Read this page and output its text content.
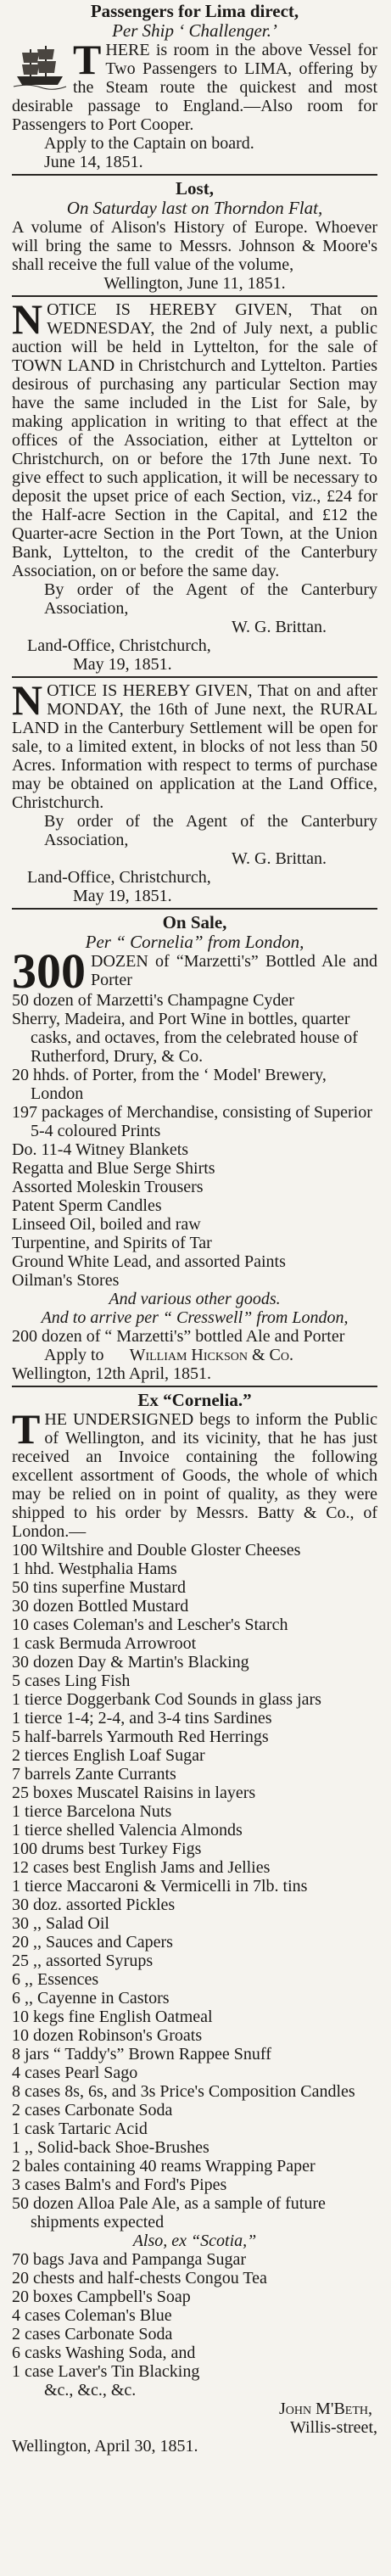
Passengers for Lima direct,
Per Ship ‘ Challenger.’

THERE is room in the above Vessel for Two Passengers to LIMA, offering by the Steam route the quickest and most desirable passage to England.—Also room for Passengers to Port Cooper.

Apply to the Captain on board.

June 14, 1851.

Lost,
On Saturday last on Thorndon Flat,

A volume of Alison's History of Europe. Whoever will bring the same to Messrs. Johnson & Moore's shall receive the full value of the volume,

Wellington, June 11, 1851.

NOTICE IS HEREBY GIVEN, That on WEDNESDAY, the 2nd of July next, a public auction will be held in Lyttelton, for the sale of TOWN LAND in Christchurch and Lyttelton. Parties desirous of purchasing any particular Section may have the same included in the List for Sale, by making application in writing to that effect at the offices of the Association, either at Lyttelton or Christchurch, on or before the 17th June next. To give effect to such application, it will be necessary to deposit the upset price of each Section, viz., £24 for the Half-acre Section in the Capital, and £12 the Quarter-acre Section in the Port Town, at the Union Bank, Lyttelton, to the credit of the Canterbury Association, on or before the same day.

By order of the Agent of the Canterbury Association,

W. G. Brittan.

Land-Office, Christchurch,

May 19, 1851.

NOTICE IS HEREBY GIVEN, That on and after MONDAY, the 16th of June next, the RURAL LAND in the Canterbury Settlement will be open for sale, to a limited extent, in blocks of not less than 50 Acres. Information with respect to terms of purchase may be obtained on application at the Land Office, Christchurch.

By order of the Agent of the Canterbury Association,

W. G. Brittan.

Land-Office, Christchurch,

May 19, 1851.

On Sale,
Per “ Cornelia” from London,

300 DOZEN of “Marzetti's” Bottled Ale and Porter

50 dozen of Marzetti's Champagne Cyder

Sherry, Madeira, and Port Wine in bottles, quarter casks, and octaves, from the celebrated house of Rutherford, Drury, & Co.

20 hhds. of Porter, from the ‘ Model' Brewery, London

197 packages of Merchandise, consisting of Superior 5-4 coloured Prints

Do. 11-4 Witney Blankets

Regatta and Blue Serge Shirts

Assorted Moleskin Trousers

Patent Sperm Candles

Linseed Oil, boiled and raw

Turpentine, and Spirits of Tar

Ground White Lead, and assorted Paints

Oilman's Stores

And various other goods.

And to arrive per “ Cresswell” from London,

200 dozen of “ Marzetti's” bottled Ale and Porter

Apply to William Hickson & Co.

Wellington, 12th April, 1851.

Ex “Cornelia.”

THE UNDERSIGNED begs to inform the Public of Wellington, and its vicinity, that he has just received an Invoice containing the following excellent assortment of Goods, the whole of which may be relied on in point of quality, as they were shipped to his order by Messrs. Batty & Co., of London.—

100 Wiltshire and Double Gloster Cheeses

1 hhd. Westphalia Hams

50 tins superfine Mustard

30 dozen Bottled Mustard

10 cases Coleman's and Lescher's Starch

1 cask Bermuda Arrowroot

30 dozen Day & Martin's Blacking

5 cases Ling Fish

1 tierce Doggerbank Cod Sounds in glass jars

1 tierce 1-4; 2-4, and 3-4 tins Sardines

5 half-barrels Yarmouth Red Herrings

2 tierces English Loaf Sugar

7 barrels Zante Currants

25 boxes Muscatel Raisins in layers

1 tierce Barcelona Nuts

1 tierce shelled Valencia Almonds

100 drums best Turkey Figs

12 cases best English Jams and Jellies

1 tierce Maccaroni & Vermicelli in 7lb. tins

30 doz. assorted Pickles

30 ,, Salad Oil

20 ,, Sauces and Capers

25 ,, assorted Syrups

6 ,, Essences

6 ,, Cayenne in Castors

10 kegs fine English Oatmeal

10 dozen Robinson's Groats

8 jars “ Taddy's” Brown Rappee Snuff

4 cases Pearl Sago

8 cases 8s, 6s, and 3s Price's Composition Candles

2 cases Carbonate Soda

1 cask Tartaric Acid

1 ,, Solid-back Shoe-Brushes

2 bales containing 40 reams Wrapping Paper

3 cases Balm's and Ford's Pipes

50 dozen Alloa Pale Ale, as a sample of future shipments expected

Also, ex “Scotia,”

70 bags Java and Pampanga Sugar

20 chests and half-chests Congou Tea

20 boxes Campbell's Soap

4 cases Coleman's Blue

2 cases Carbonate Soda

6 casks Washing Soda, and

1 case Laver's Tin Blacking

&c., &c., &c.

John M'Beth,

Willis-street,

Wellington, April 30, 1851.
